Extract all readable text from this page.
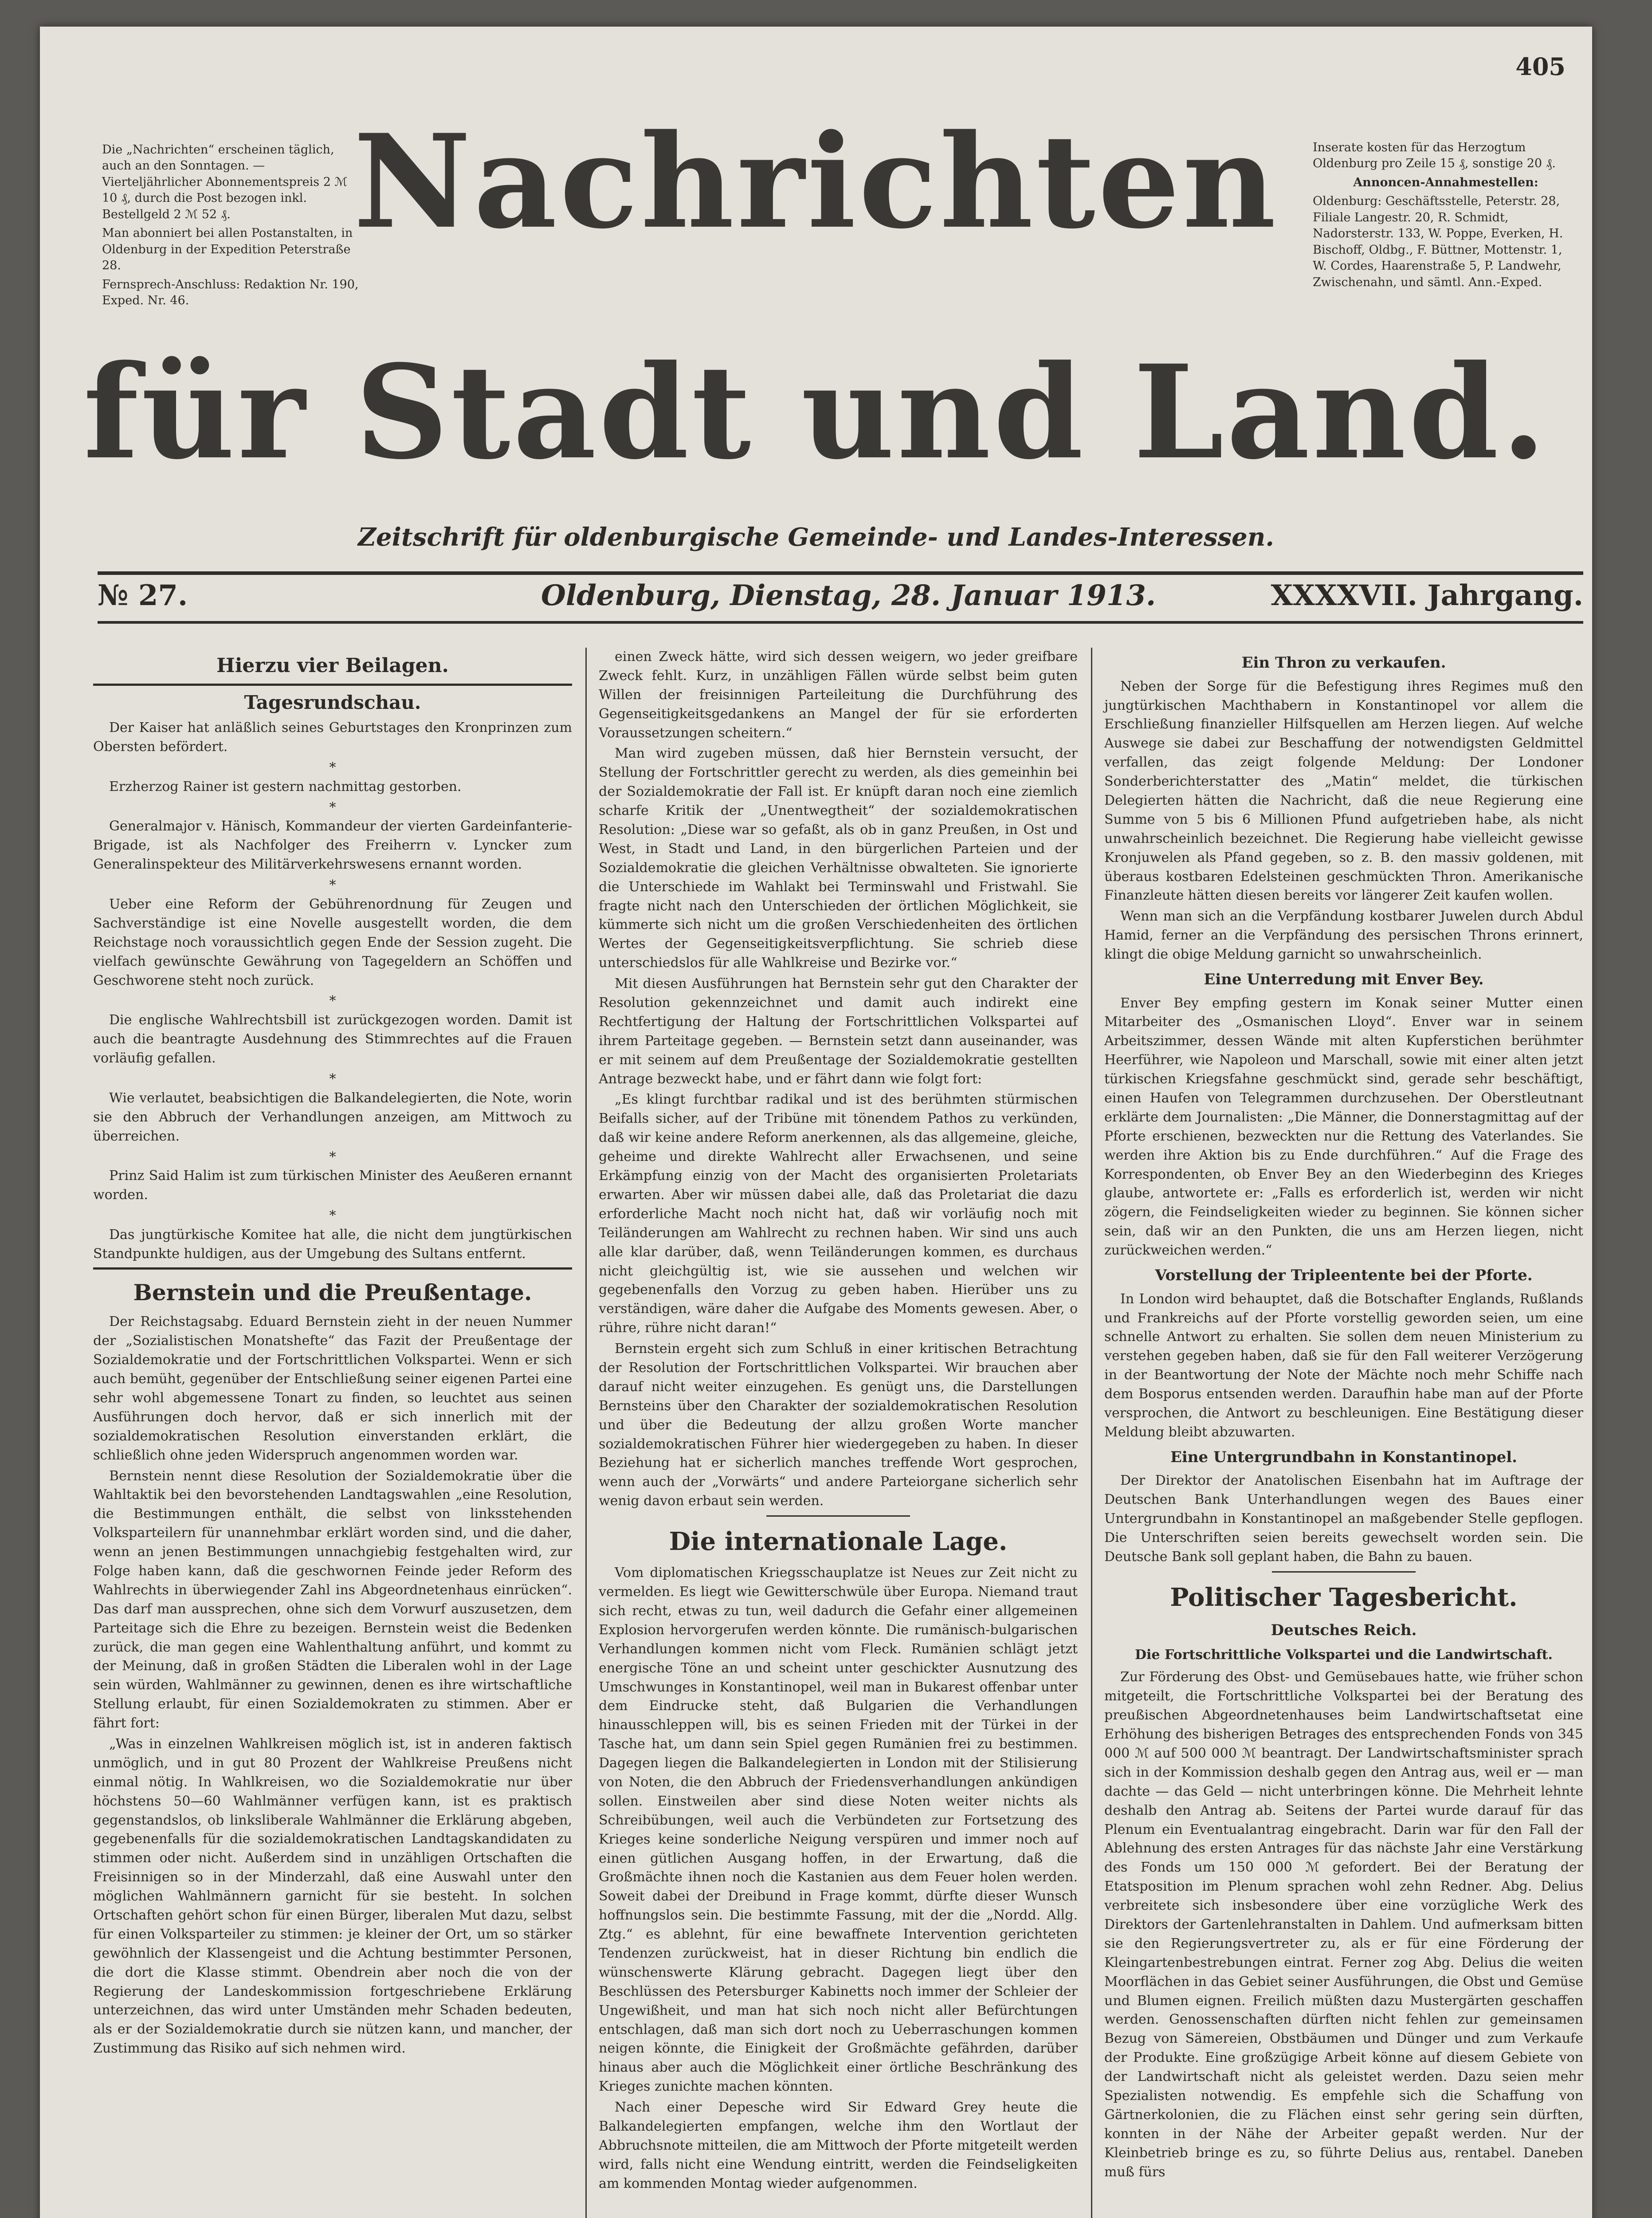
405

Die „Nachrichten“ erscheinen täglich, auch an den Sonntagen. — Vierteljährlicher Abonnementspreis 2 ℳ 10 ₰, durch die Post bezogen inkl. Bestellgeld 2 ℳ 52 ₰.

Man abonniert bei allen Postanstalten, in Oldenburg in der Expedition Peterstraße 28.

Fernsprech-Anschluss: Redaktion Nr. 190, Exped. Nr. 46.

Inserate kosten für das Herzogtum Oldenburg pro Zeile 15 ₰, sonstige 20 ₰.

Annoncen-Annahmestellen:

Oldenburg: Geschäftsstelle, Peterstr. 28, Filiale Langestr. 20, R. Schmidt, Nadorsterstr. 133, W. Poppe, Everken, H. Bischoff, Oldbg., F. Büttner, Mottenstr. 1, W. Cordes, Haarenstraße 5, P. Landwehr, Zwischenahn, und sämtl. Ann.-Exped.

Nachrichten
für Stadt und Land.
Zeitschrift für oldenburgische Gemeinde- und Landes-Interessen.
№ 27.	Oldenburg, Dienstag, 28. Januar 1913.	XXXXVII. Jahrgang.
Hierzu vier Beilagen.
Tagesrundschau.

Der Kaiser hat anläßlich seines Geburtstages den Kronprinzen zum Obersten befördert.

*

Erzherzog Rainer ist gestern nachmittag gestorben.

*

Generalmajor v. Hänisch, Kommandeur der vierten Gardeinfanterie-Brigade, ist als Nachfolger des Freiherrn v. Lyncker zum Generalinspekteur des Militärverkehrswesens ernannt worden.

*

Ueber eine Reform der Gebührenordnung für Zeugen und Sachverständige ist eine Novelle ausgestellt worden, die dem Reichstage noch voraussichtlich gegen Ende der Session zugeht. Die vielfach gewünschte Gewährung von Tagegeldern an Schöffen und Geschworene steht noch zurück.

*

Die englische Wahlrechtsbill ist zurückgezogen worden. Damit ist auch die beantragte Ausdehnung des Stimmrechtes auf die Frauen vorläufig gefallen.

*

Wie verlautet, beabsichtigen die Balkandelegierten, die Note, worin sie den Abbruch der Verhandlungen anzeigen, am Mittwoch zu überreichen.

*

Prinz Said Halim ist zum türkischen Minister des Aeußeren ernannt worden.

*

Das jungtürkische Komitee hat alle, die nicht dem jungtürkischen Standpunkte huldigen, aus der Umgebung des Sultans entfernt.

Bernstein und die Preußentage.

Der Reichstagsabg. Eduard Bernstein zieht in der neuen Nummer der „Sozialistischen Monatshefte“ das Fazit der Preußentage der Sozialdemokratie und der Fortschrittlichen Volkspartei. Wenn er sich auch bemüht, gegenüber der Entschließung seiner eigenen Partei eine sehr wohl abgemessene Tonart zu finden, so leuchtet aus seinen Ausführungen doch hervor, daß er sich innerlich mit der sozialdemokratischen Resolution einverstanden erklärt, die schließlich ohne jeden Widerspruch angenommen worden war.

Bernstein nennt diese Resolution der Sozialdemokratie über die Wahltaktik bei den bevorstehenden Landtagswahlen „eine Resolution, die Bestimmungen enthält, die selbst von linksstehenden Volksparteilern für unannehmbar erklärt worden sind, und die daher, wenn an jenen Bestimmungen unnachgiebig festgehalten wird, zur Folge haben kann, daß die geschwornen Feinde jeder Reform des Wahlrechts in überwiegender Zahl ins Abgeordnetenhaus einrücken“. Das darf man aussprechen, ohne sich dem Vorwurf auszusetzen, dem Parteitage sich die Ehre zu bezeigen. Bernstein weist die Bedenken zurück, die man gegen eine Wahlenthaltung anführt, und kommt zu der Meinung, daß in großen Städten die Liberalen wohl in der Lage sein würden, Wahlmänner zu gewinnen, denen es ihre wirtschaftliche Stellung erlaubt, für einen Sozialdemokraten zu stimmen. Aber er fährt fort:

„Was in einzelnen Wahlkreisen möglich ist, ist in anderen faktisch unmöglich, und in gut 80 Prozent der Wahlkreise Preußens nicht einmal nötig. In Wahlkreisen, wo die Sozialdemokratie nur über höchstens 50—60 Wahlmänner verfügen kann, ist es praktisch gegenstandslos, ob linksliberale Wahlmänner die Erklärung abgeben, gegebenenfalls für die sozialdemokratischen Landtagskandidaten zu stimmen oder nicht. Außerdem sind in unzähligen Ortschaften die Freisinnigen so in der Minderzahl, daß eine Auswahl unter den möglichen Wahlmännern garnicht für sie besteht. In solchen Ortschaften gehört schon für einen Bürger, liberalen Mut dazu, selbst für einen Volksparteiler zu stimmen: je kleiner der Ort, um so stärker gewöhnlich der Klassengeist und die Achtung bestimmter Personen, die dort die Klasse stimmt. Obendrein aber noch die von der Regierung der Landeskommission fortgeschriebene Erklärung unterzeichnen, das wird unter Umständen mehr Schaden bedeuten, als er der Sozialdemokratie durch sie nützen kann, und mancher, der Zustimmung das Risiko auf sich nehmen wird.

einen Zweck hätte, wird sich dessen weigern, wo jeder greifbare Zweck fehlt. Kurz, in unzähligen Fällen würde selbst beim guten Willen der freisinnigen Parteileitung die Durchführung des Gegenseitigkeitsgedankens an Mangel der für sie erforderten Voraussetzungen scheitern.“

Man wird zugeben müssen, daß hier Bernstein versucht, der Stellung der Fortschrittler gerecht zu werden, als dies gemeinhin bei der Sozialdemokratie der Fall ist. Er knüpft daran noch eine ziemlich scharfe Kritik der „Unentwegtheit“ der sozialdemokratischen Resolution: „Diese war so gefaßt, als ob in ganz Preußen, in Ost und West, in Stadt und Land, in den bürgerlichen Parteien und der Sozialdemokratie die gleichen Verhältnisse obwalteten. Sie ignorierte die Unterschiede im Wahlakt bei Terminswahl und Fristwahl. Sie fragte nicht nach den Unterschieden der örtlichen Möglichkeit, sie kümmerte sich nicht um die großen Verschiedenheiten des örtlichen Wertes der Gegenseitigkeitsverpflichtung. Sie schrieb diese unterschiedslos für alle Wahlkreise und Bezirke vor.“

Mit diesen Ausführungen hat Bernstein sehr gut den Charakter der Resolution gekennzeichnet und damit auch indirekt eine Rechtfertigung der Haltung der Fortschrittlichen Volkspartei auf ihrem Parteitage gegeben. — Bernstein setzt dann auseinander, was er mit seinem auf dem Preußentage der Sozialdemokratie gestellten Antrage bezweckt habe, und er fährt dann wie folgt fort:

„Es klingt furchtbar radikal und ist des berühmten stürmischen Beifalls sicher, auf der Tribüne mit tönendem Pathos zu verkünden, daß wir keine andere Reform anerkennen, als das allgemeine, gleiche, geheime und direkte Wahlrecht aller Erwachsenen, und seine Erkämpfung einzig von der Macht des organisierten Proletariats erwarten. Aber wir müssen dabei alle, daß das Proletariat die dazu erforderliche Macht noch nicht hat, daß wir vorläufig noch mit Teiländerungen am Wahlrecht zu rechnen haben. Wir sind uns auch alle klar darüber, daß, wenn Teiländerungen kommen, es durchaus nicht gleichgültig ist, wie sie aussehen und welchen wir gegebenenfalls den Vorzug zu geben haben. Hierüber uns zu verständigen, wäre daher die Aufgabe des Moments gewesen. Aber, o rühre, rühre nicht daran!“

Bernstein ergeht sich zum Schluß in einer kritischen Betrachtung der Resolution der Fortschrittlichen Volkspartei. Wir brauchen aber darauf nicht weiter einzugehen. Es genügt uns, die Darstellungen Bernsteins über den Charakter der sozialdemokratischen Resolution und über die Bedeutung der allzu großen Worte mancher sozialdemokratischen Führer hier wiedergegeben zu haben. In dieser Beziehung hat er sicherlich manches treffende Wort gesprochen, wenn auch der „Vorwärts“ und andere Parteiorgane sicherlich sehr wenig davon erbaut sein werden.

Die internationale Lage.

Vom diplomatischen Kriegsschauplatze ist Neues zur Zeit nicht zu vermelden. Es liegt wie Gewitterschwüle über Europa. Niemand traut sich recht, etwas zu tun, weil dadurch die Gefahr einer allgemeinen Explosion hervorgerufen werden könnte. Die rumänisch-bulgarischen Verhandlungen kommen nicht vom Fleck. Rumänien schlägt jetzt energische Töne an und scheint unter geschickter Ausnutzung des Umschwunges in Konstantinopel, weil man in Bukarest offenbar unter dem Eindrucke steht, daß Bulgarien die Verhandlungen hinausschleppen will, bis es seinen Frieden mit der Türkei in der Tasche hat, um dann sein Spiel gegen Rumänien frei zu bestimmen. Dagegen liegen die Balkandelegierten in London mit der Stilisierung von Noten, die den Abbruch der Friedensverhandlungen ankündigen sollen. Einstweilen aber sind diese Noten weiter nichts als Schreibübungen, weil auch die Verbündeten zur Fortsetzung des Krieges keine sonderliche Neigung verspüren und immer noch auf einen gütlichen Ausgang hoffen, in der Erwartung, daß die Großmächte ihnen noch die Kastanien aus dem Feuer holen werden. Soweit dabei der Dreibund in Frage kommt, dürfte dieser Wunsch hoffnungslos sein. Die bestimmte Fassung, mit der die „Nordd. Allg. Ztg.“ es ablehnt, für eine bewaffnete Intervention gerichteten Tendenzen zurückweist, hat in dieser Richtung bin endlich die wünschenswerte Klärung gebracht. Dagegen liegt über den Beschlüssen des Petersburger Kabinetts noch immer der Schleier der Ungewißheit, und man hat sich noch nicht aller Befürchtungen entschlagen, daß man sich dort noch zu Ueberraschungen kommen neigen könnte, die Einigkeit der Großmächte gefährden, darüber hinaus aber auch die Möglichkeit einer örtliche Beschränkung des Krieges zunichte machen könnten.

Nach einer Depesche wird Sir Edward Grey heute die Balkandelegierten empfangen, welche ihm den Wortlaut der Abbruchsnote mitteilen, die am Mittwoch der Pforte mitgeteilt werden wird, falls nicht eine Wendung eintritt, werden die Feindseligkeiten am kommenden Montag wieder aufgenommen.

Ein Thron zu verkaufen.

Neben der Sorge für die Befestigung ihres Regimes muß den jungtürkischen Machthabern in Konstantinopel vor allem die Erschließung finanzieller Hilfsquellen am Herzen liegen. Auf welche Auswege sie dabei zur Beschaffung der notwendigsten Geldmittel verfallen, das zeigt folgende Meldung: Der Londoner Sonderberichterstatter des „Matin“ meldet, die türkischen Delegierten hätten die Nachricht, daß die neue Regierung eine Summe von 5 bis 6 Millionen Pfund aufgetrieben habe, als nicht unwahrscheinlich bezeichnet. Die Regierung habe vielleicht gewisse Kronjuwelen als Pfand gegeben, so z. B. den massiv goldenen, mit überaus kostbaren Edelsteinen geschmückten Thron. Amerikanische Finanzleute hätten diesen bereits vor längerer Zeit kaufen wollen.

Wenn man sich an die Verpfändung kostbarer Juwelen durch Abdul Hamid, ferner an die Verpfändung des persischen Throns erinnert, klingt die obige Meldung garnicht so unwahrscheinlich.

Eine Unterredung mit Enver Bey.

Enver Bey empfing gestern im Konak seiner Mutter einen Mitarbeiter des „Osmanischen Lloyd“. Enver war in seinem Arbeitszimmer, dessen Wände mit alten Kupferstichen berühmter Heerführer, wie Napoleon und Marschall, sowie mit einer alten jetzt türkischen Kriegsfahne geschmückt sind, gerade sehr beschäftigt, einen Haufen von Telegrammen durchzusehen. Der Oberstleutnant erklärte dem Journalisten: „Die Männer, die Donnerstagmittag auf der Pforte erschienen, bezweckten nur die Rettung des Vaterlandes. Sie werden ihre Aktion bis zu Ende durchführen.“ Auf die Frage des Korrespondenten, ob Enver Bey an den Wiederbeginn des Krieges glaube, antwortete er: „Falls es erforderlich ist, werden wir nicht zögern, die Feindseligkeiten wieder zu beginnen. Sie können sicher sein, daß wir an den Punkten, die uns am Herzen liegen, nicht zurückweichen werden.“

Vorstellung der Tripleentente bei der Pforte.

In London wird behauptet, daß die Botschafter Englands, Rußlands und Frankreichs auf der Pforte vorstellig geworden seien, um eine schnelle Antwort zu erhalten. Sie sollen dem neuen Ministerium zu verstehen gegeben haben, daß sie für den Fall weiterer Verzögerung in der Beantwortung der Note der Mächte noch mehr Schiffe nach dem Bosporus entsenden werden. Daraufhin habe man auf der Pforte versprochen, die Antwort zu beschleunigen. Eine Bestätigung dieser Meldung bleibt abzuwarten.

Eine Untergrundbahn in Konstantinopel.

Der Direktor der Anatolischen Eisenbahn hat im Auftrage der Deutschen Bank Unterhandlungen wegen des Baues einer Untergrundbahn in Konstantinopel an maßgebender Stelle gepflogen. Die Unterschriften seien bereits gewechselt worden sein. Die Deutsche Bank soll geplant haben, die Bahn zu bauen.

Politischer Tagesbericht.
Deutsches Reich.
Die Fortschrittliche Volkspartei und die Landwirtschaft.

Zur Förderung des Obst- und Gemüsebaues hatte, wie früher schon mitgeteilt, die Fortschrittliche Volkspartei bei der Beratung des preußischen Abgeordnetenhauses beim Landwirtschaftsetat eine Erhöhung des bisherigen Betrages des entsprechenden Fonds von 345 000 ℳ auf 500 000 ℳ beantragt. Der Landwirtschaftsminister sprach sich in der Kommission deshalb gegen den Antrag aus, weil er — man dachte — das Geld — nicht unterbringen könne. Die Mehrheit lehnte deshalb den Antrag ab. Seitens der Partei wurde darauf für das Plenum ein Eventualantrag eingebracht. Darin war für den Fall der Ablehnung des ersten Antrages für das nächste Jahr eine Verstärkung des Fonds um 150 000 ℳ gefordert. Bei der Beratung der Etatsposition im Plenum sprachen wohl zehn Redner. Abg. Delius verbreitete sich insbesondere über eine vorzügliche Werk des Direktors der Gartenlehranstalten in Dahlem. Und aufmerksam bitten sie den Regierungsvertreter zu, als er für eine Förderung der Kleingartenbestrebungen eintrat. Ferner zog Abg. Delius die weiten Moorflächen in das Gebiet seiner Ausführungen, die Obst und Gemüse und Blumen eignen. Freilich müßten dazu Mustergärten geschaffen werden. Genossenschaften dürften nicht fehlen zur gemeinsamen Bezug von Sämereien, Obstbäumen und Dünger und zum Verkaufe der Produkte. Eine großzügige Arbeit könne auf diesem Gebiete von der Landwirtschaft nicht als geleistet werden. Dazu seien mehr Spezialisten notwendig. Es empfehle sich die Schaffung von Gärtnerkolonien, die zu Flächen einst sehr gering sein dürften, konnten in der Nähe der Arbeiter gepaßt werden. Nur der Kleinbetrieb bringe es zu, so führte Delius aus, rentabel. Daneben muß fürs
